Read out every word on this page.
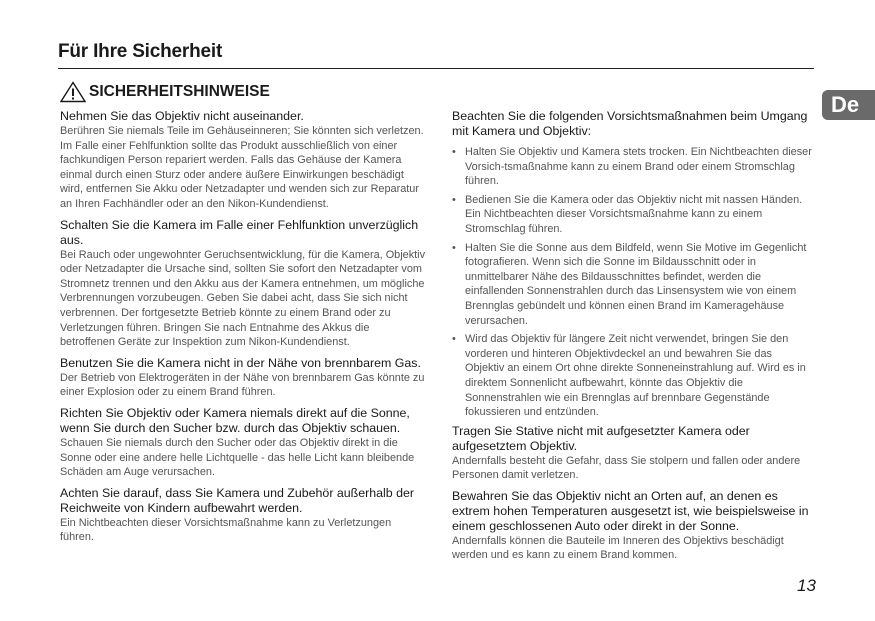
Für Ihre Sicherheit
SICHERHEITSHINWEISE
De

Nehmen Sie das Objektiv nicht auseinander.

Berühren Sie niemals Teile im Gehäuseinneren; Sie könnten sich verletzen. Im Falle einer Fehlfunktion sollte das Produkt ausschließlich von einer fachkundigen Person repariert werden. Falls das Gehäuse der Kamera einmal durch einen Sturz oder andere äußere Einwirkungen beschädigt wird, entfernen Sie Akku oder Netzadapter und wenden sich zur Reparatur an Ihren Fachhändler oder an den Nikon-Kundendienst.

Schalten Sie die Kamera im Falle einer Fehlfunktion unverzüglich aus.

Bei Rauch oder ungewohnter Geruchsentwicklung, für die Kamera, Objektiv oder Netzadapter die Ursache sind, sollten Sie sofort den Netzadapter vom Stromnetz trennen und den Akku aus der Kamera entnehmen, um mögliche Verbrennungen vorzubeugen. Geben Sie dabei acht, dass Sie sich nicht verbrennen. Der fortgesetzte Betrieb könnte zu einem Brand oder zu Verletzungen führen. Bringen Sie nach Entnahme des Akkus die betroffenen Geräte zur Inspektion zum Nikon-Kundendienst.

Benutzen Sie die Kamera nicht in der Nähe von brennbarem Gas.

Der Betrieb von Elektrogeräten in der Nähe von brennbarem Gas könnte zu einer Explosion oder zu einem Brand führen.

Richten Sie Objektiv oder Kamera niemals direkt auf die Sonne, wenn Sie durch den Sucher bzw. durch das Objektiv schauen.

Schauen Sie niemals durch den Sucher oder das Objektiv direkt in die Sonne oder eine andere helle Lichtquelle - das helle Licht kann bleibende Schäden am Auge verursachen.

Achten Sie darauf, dass Sie Kamera und Zubehör außerhalb der Reichweite von Kindern aufbewahrt werden.

Ein Nichtbeachten dieser Vorsichtsmaßnahme kann zu Verletzungen führen.

Beachten Sie die folgenden Vorsichtsmaßnahmen beim Umgang mit Kamera und Objektiv:

• Halten Sie Objektiv und Kamera stets trocken. Ein Nichtbeachten dieser Vorsich-tsmaßnahme kann zu einem Brand oder einem Stromschlag führen.
• Bedienen Sie die Kamera oder das Objektiv nicht mit nassen Händen. Ein Nichtbeachten dieser Vorsichtsmaßnahme kann zu einem Stromschlag führen.
• Halten Sie die Sonne aus dem Bildfeld, wenn Sie Motive im Gegenlicht fotografieren. Wenn sich die Sonne im Bildausschnitt oder in unmittelbarer Nähe des Bildausschnittes befindet, werden die einfallenden Sonnenstrahlen durch das Linsensystem wie von einem Brennglas gebündelt und können einen Brand im Kameragehäuse verursachen.
• Wird das Objektiv für längere Zeit nicht verwendet, bringen Sie den vorderen und hinteren Objektivdeckel an und bewahren Sie das Objektiv an einem Ort ohne direkte Sonneneinstrahlung auf. Wird es in direktem Sonnenlicht aufbewahrt, könnte das Objektiv die Sonnenstrahlen wie ein Brennglas auf brennbare Gegenstände fokussieren und entzünden.

Tragen Sie Stative nicht mit aufgesetzter Kamera oder aufgesetztem Objektiv.

Andernfalls besteht die Gefahr, dass Sie stolpern und fallen oder andere Personen damit verletzen.

Bewahren Sie das Objektiv nicht an Orten auf, an denen es extrem hohen Temperaturen ausgesetzt ist, wie beispielsweise in einem geschlossenen Auto oder direkt in der Sonne.

Andernfalls können die Bauteile im Inneren des Objektivs beschädigt werden und es kann zu einem Brand kommen.

13
